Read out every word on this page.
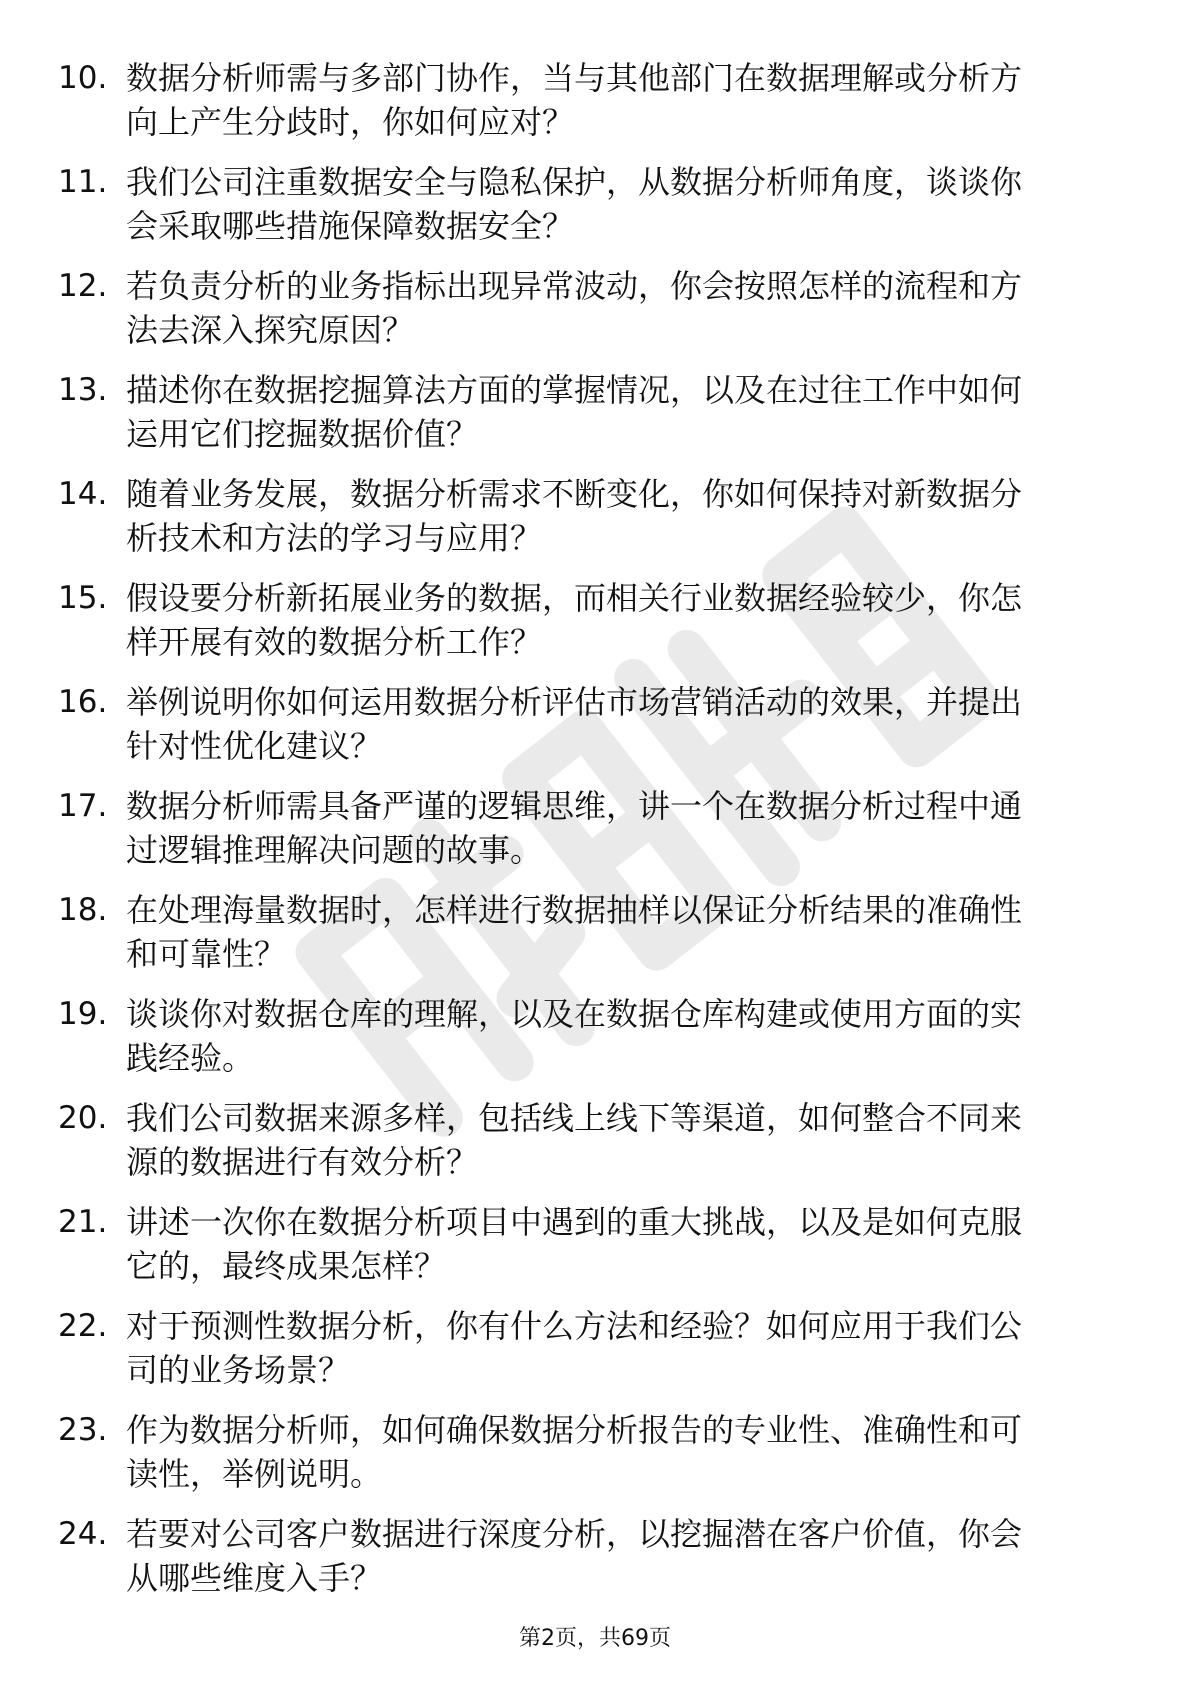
10. 数据分析师需与多部门协作，当与其他部门在数据理解或分析方
向上产生分歧时，你如何应对？

11. 我们公司注重数据安全与隐私保护，从数据分析师角度，谈谈你
会采取哪些措施保障数据安全？

12. 若负责分析的业务指标出现异常波动，你会按照怎样的流程和方
法去深入探究原因？

13. 描述你在数据挖掘算法方面的掌握情况，以及在过往工作中如何
运用它们挖掘数据价值？

14. 随着业务发展，数据分析需求不断变化，你如何保持对新数据分
析技术和方法的学习与应用？

15. 假设要分析新拓展业务的数据，而相关行业数据经验较少，你怎
样开展有效的数据分析工作？

16. 举例说明你如何运用数据分析评估市场营销活动的效果，并提出
针对性优化建议？

17. 数据分析师需具备严谨的逻辑思维，讲一个在数据分析过程中通
过逻辑推理解决问题的故事。

18. 在处理海量数据时，怎样进行数据抽样以保证分析结果的准确性
和可靠性？

19. 谈谈你对数据仓库的理解，以及在数据仓库构建或使用方面的实
践经验。

20. 我们公司数据来源多样，包括线上线下等渠道，如何整合不同来
源的数据进行有效分析？

21. 讲述一次你在数据分析项目中遇到的重大挑战，以及是如何克服
它的，最终成果怎样？

22. 对于预测性数据分析，你有什么方法和经验？如何应用于我们公
司的业务场景？

23. 作为数据分析师，如何确保数据分析报告的专业性、准确性和可
读性，举例说明。

24. 若要对公司客户数据进行深度分析，以挖掘潜在客户价值，你会
从哪些维度入手？

第2页，共69页
